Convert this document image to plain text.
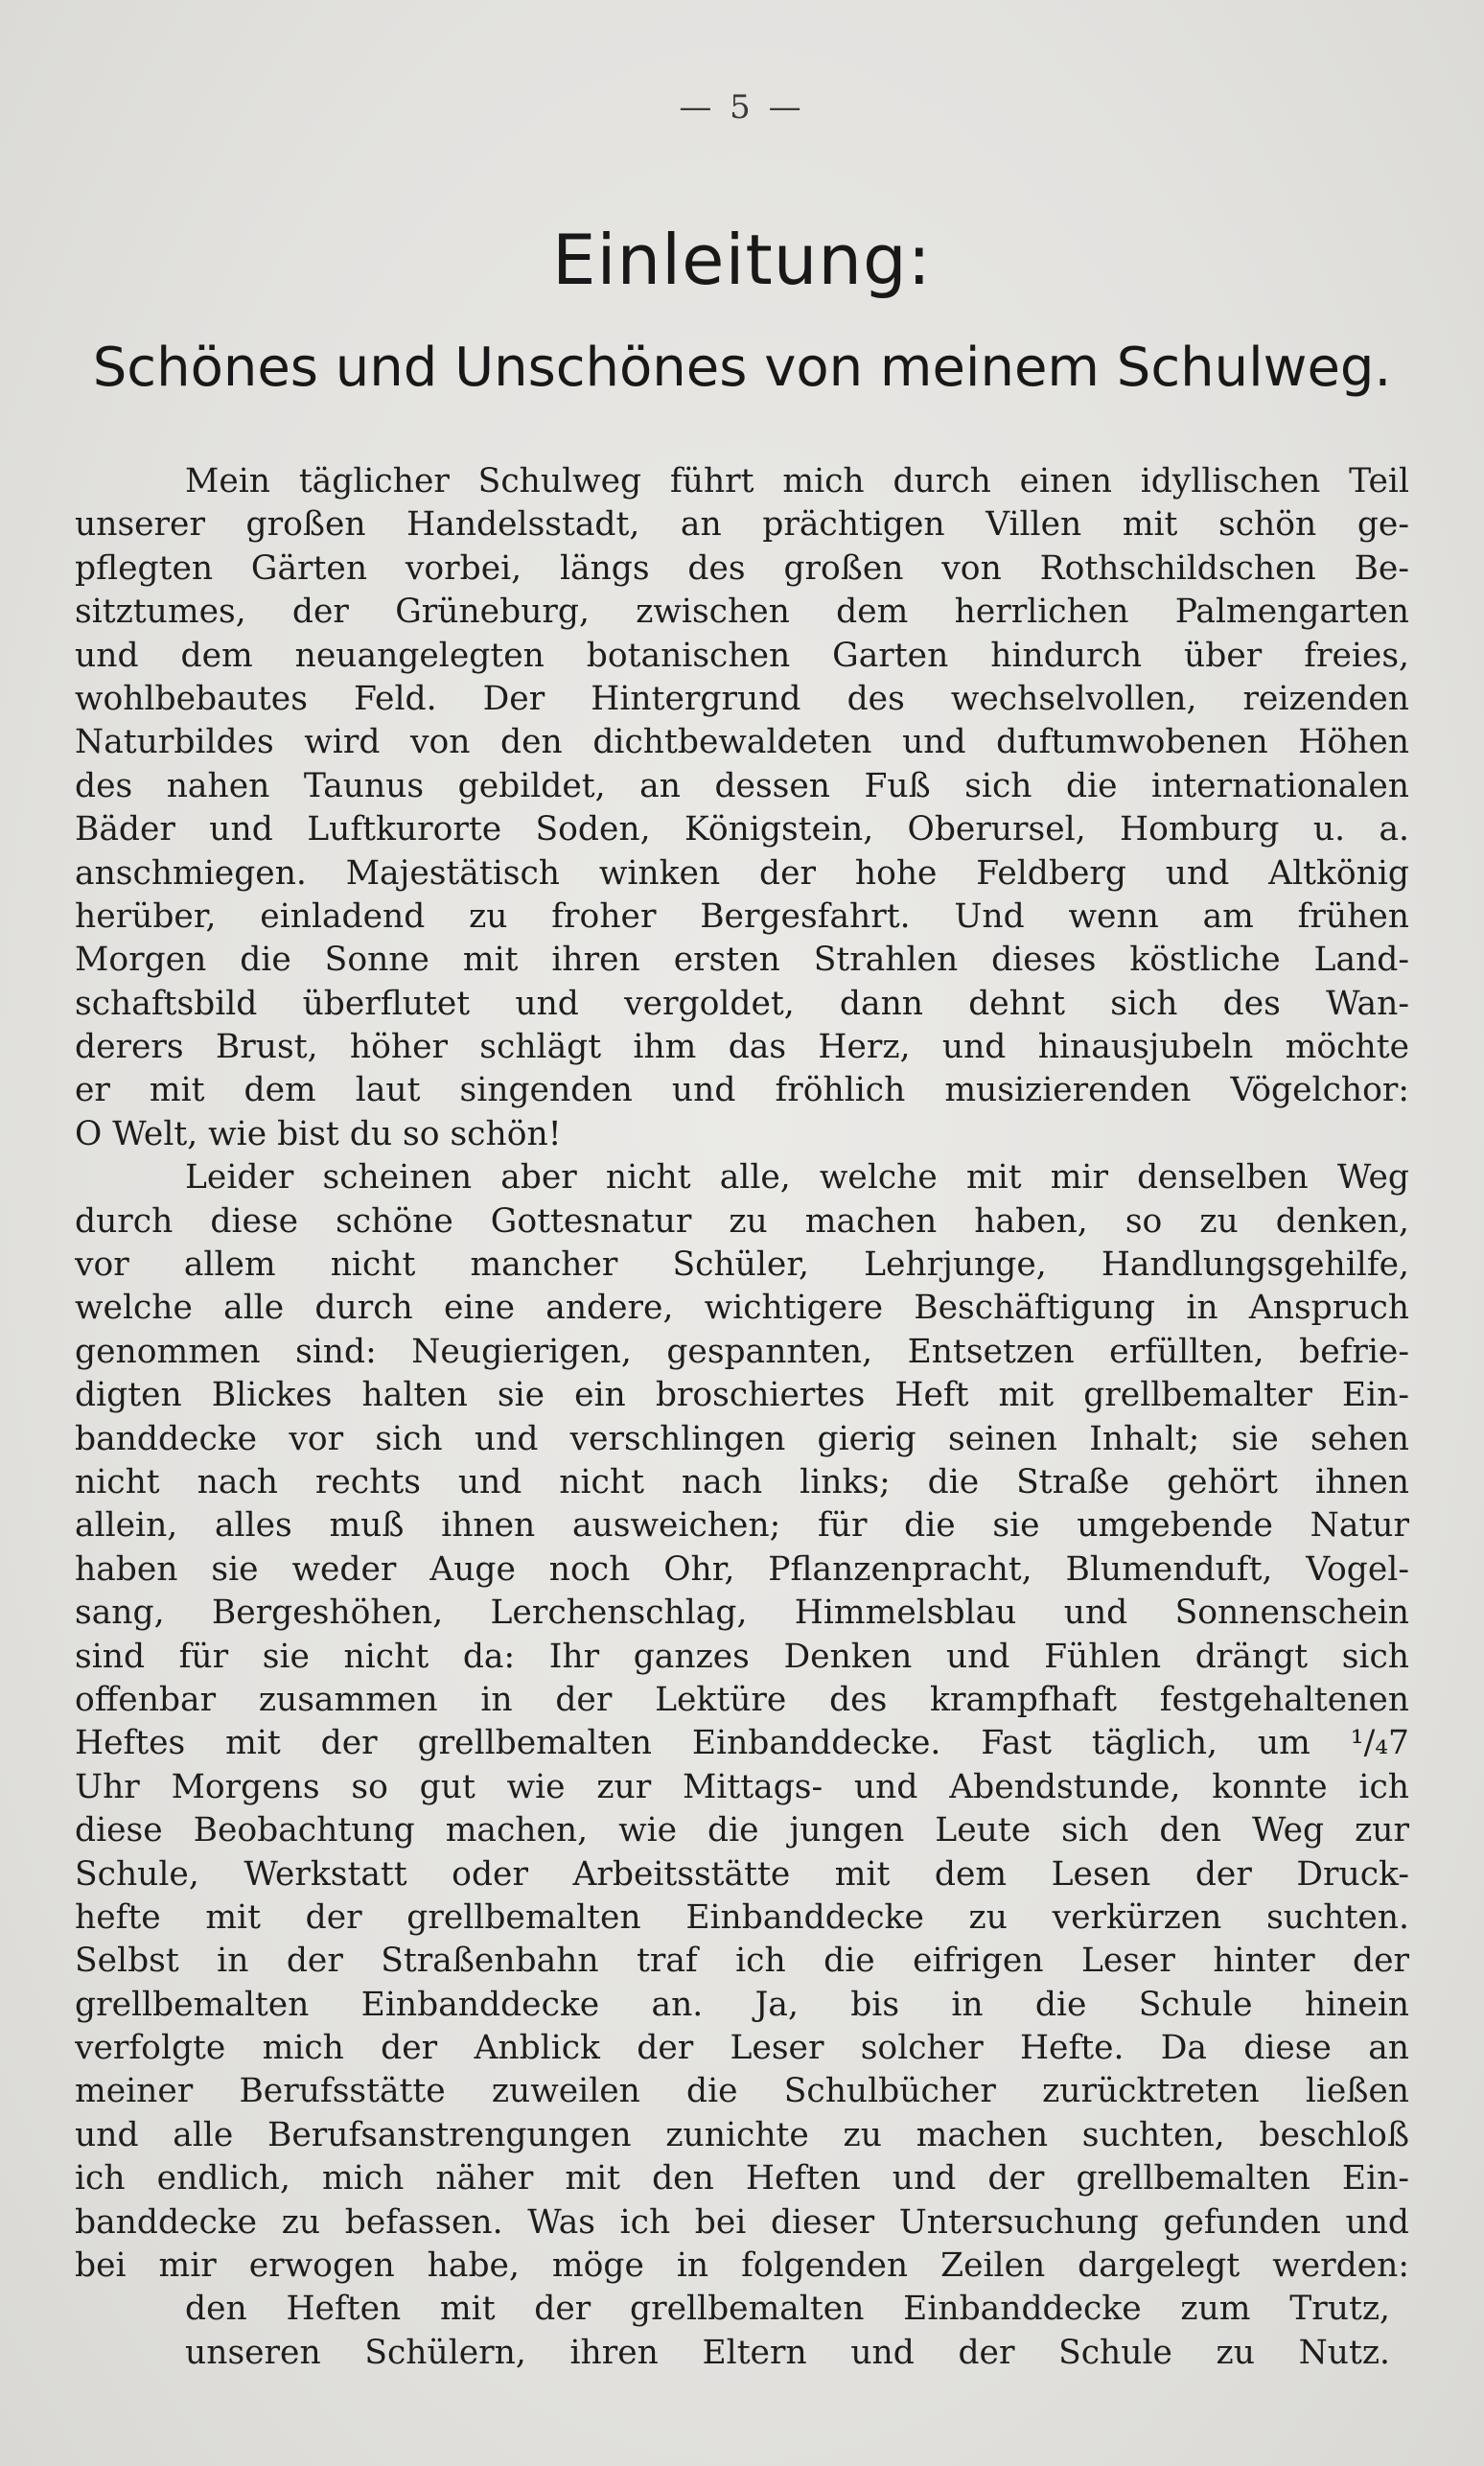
— 5 —
Einleitung:
Schönes und Unschönes von meinem Schulweg.
Mein täglicher Schulweg führt mich durch einen idyllischen Teil
unserer großen Handelsstadt, an prächtigen Villen mit schön ge-
pflegten Gärten vorbei, längs des großen von Rothschildschen Be-
sitztumes, der Grüneburg, zwischen dem herrlichen Palmengarten
und dem neuangelegten botanischen Garten hindurch über freies,
wohlbebautes Feld. Der Hintergrund des wechselvollen, reizenden
Naturbildes wird von den dichtbewaldeten und duftumwobenen Höhen
des nahen Taunus gebildet, an dessen Fuß sich die internationalen
Bäder und Luftkurorte Soden, Königstein, Oberursel, Homburg u. a.
anschmiegen. Majestätisch winken der hohe Feldberg und Altkönig
herüber, einladend zu froher Bergesfahrt. Und wenn am frühen
Morgen die Sonne mit ihren ersten Strahlen dieses köstliche Land-
schaftsbild überflutet und vergoldet, dann dehnt sich des Wan-
derers Brust, höher schlägt ihm das Herz, und hinausjubeln möchte
er mit dem laut singenden und fröhlich musizierenden Vögelchor:
O Welt, wie bist du so schön!
Leider scheinen aber nicht alle, welche mit mir denselben Weg
durch diese schöne Gottesnatur zu machen haben, so zu denken,
vor allem nicht mancher Schüler, Lehrjunge, Handlungsgehilfe,
welche alle durch eine andere, wichtigere Beschäftigung in Anspruch
genommen sind: Neugierigen, gespannten, Entsetzen erfüllten, befrie-
digten Blickes halten sie ein broschiertes Heft mit grellbemalter Ein-
banddecke vor sich und verschlingen gierig seinen Inhalt; sie sehen
nicht nach rechts und nicht nach links; die Straße gehört ihnen
allein, alles muß ihnen ausweichen; für die sie umgebende Natur
haben sie weder Auge noch Ohr, Pflanzenpracht, Blumenduft, Vogel-
sang, Bergeshöhen, Lerchenschlag, Himmelsblau und Sonnenschein
sind für sie nicht da: Ihr ganzes Denken und Fühlen drängt sich
offenbar zusammen in der Lektüre des krampfhaft festgehaltenen
Heftes mit der grellbemalten Einbanddecke. Fast täglich, um ¹/₄7
Uhr Morgens so gut wie zur Mittags- und Abendstunde, konnte ich
diese Beobachtung machen, wie die jungen Leute sich den Weg zur
Schule, Werkstatt oder Arbeitsstätte mit dem Lesen der Druck-
hefte mit der grellbemalten Einbanddecke zu verkürzen suchten.
Selbst in der Straßenbahn traf ich die eifrigen Leser hinter der
grellbemalten Einbanddecke an. Ja, bis in die Schule hinein
verfolgte mich der Anblick der Leser solcher Hefte. Da diese an
meiner Berufsstätte zuweilen die Schulbücher zurücktreten ließen
und alle Berufsanstrengungen zunichte zu machen suchten, beschloß
ich endlich, mich näher mit den Heften und der grellbemalten Ein-
banddecke zu befassen. Was ich bei dieser Untersuchung gefunden und
bei mir erwogen habe, möge in folgenden Zeilen dargelegt werden:
den Heften mit der grellbemalten Einbanddecke zum Trutz,
unseren Schülern, ihren Eltern und der Schule zu Nutz.
